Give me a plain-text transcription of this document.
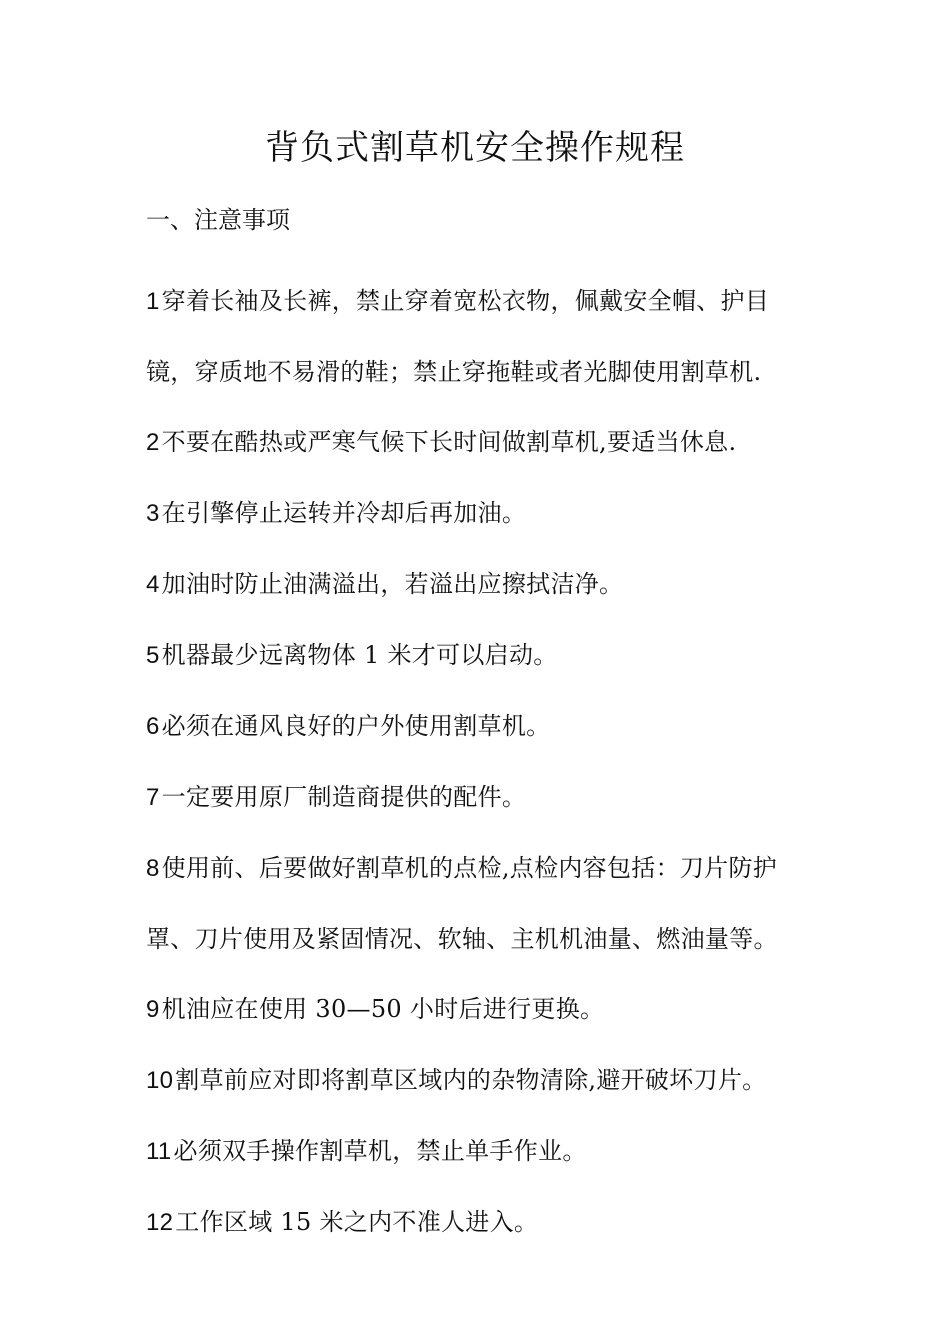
背负式割草机安全操作规程
一、注意事项
1穿着长袖及长裤，禁止穿着宽松衣物，佩戴安全帽、护目镜，穿质地不易滑的鞋；禁止穿拖鞋或者光脚使用割草机.
2不要在酷热或严寒气候下长时间做割草机,要适当休息.
3在引擎停止运转并冷却后再加油。
4加油时防止油满溢出，若溢出应擦拭洁净。
5机器最少远离物体 1 米才可以启动。
6必须在通风良好的户外使用割草机。
7一定要用原厂制造商提供的配件。
8使用前、后要做好割草机的点检,点检内容包括：刀片防护罩、刀片使用及紧固情况、软轴、主机机油量、燃油量等。
9机油应在使用 30—50 小时后进行更换。
10割草前应对即将割草区域内的杂物清除,避开破坏刀片。
11必须双手操作割草机，禁止单手作业。
12工作区域 15 米之内不准人进入。
